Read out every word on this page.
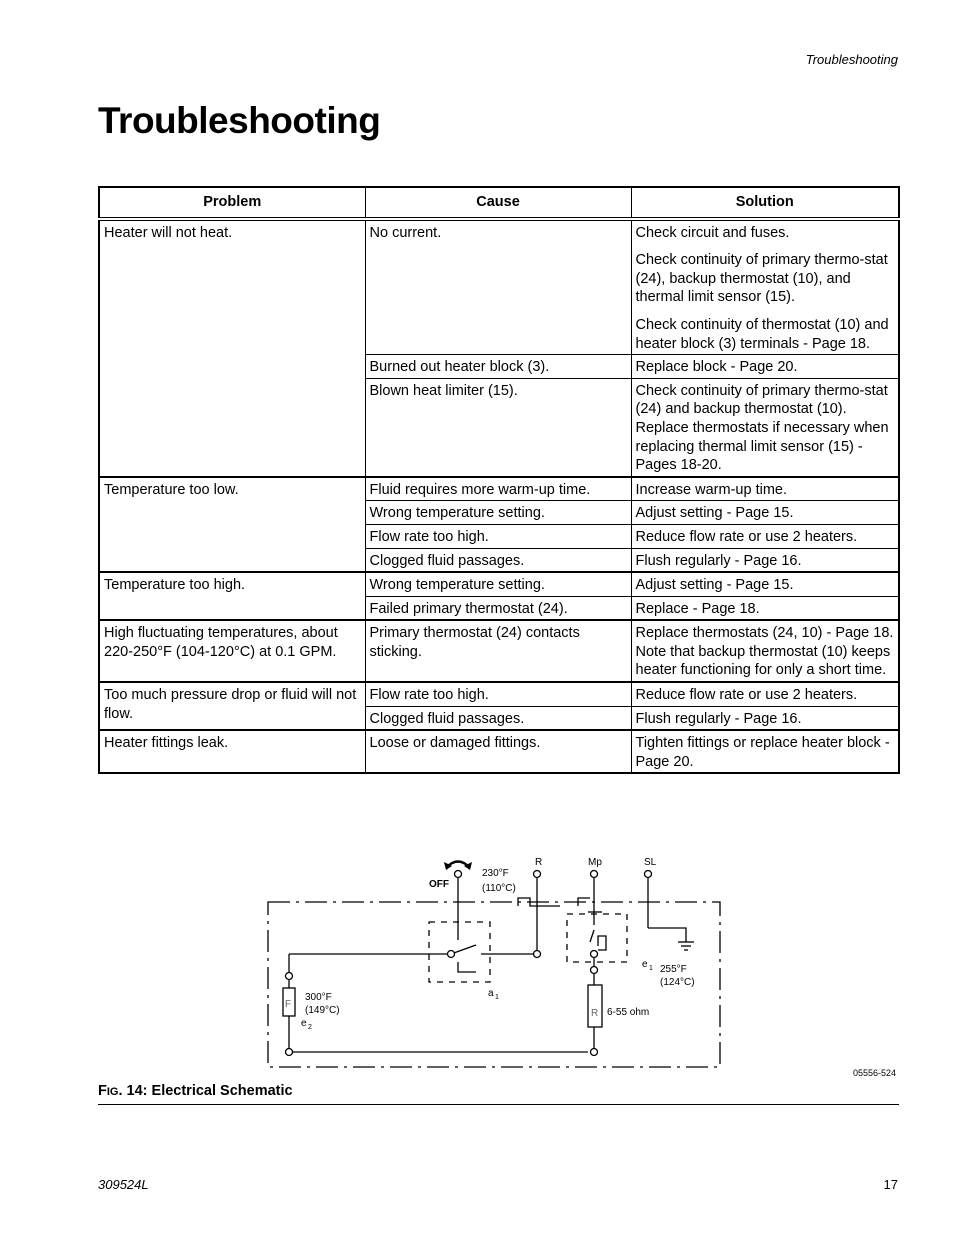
Troubleshooting
Troubleshooting
Problem	Cause	Solution
Heater will not heat.	No current.	Check circuit and fuses.

Check continuity of primary thermo-stat (24), backup thermostat (10), and thermal limit sensor (15).

Check continuity of thermostat (10) and heater block (3) terminals - Page 18.

	Burned out heater block (3).	Replace block - Page 20.
	Blown heat limiter (15).	Check continuity of primary thermo-stat (24) and backup thermostat (10). Replace thermostats if necessary when replacing thermal limit sensor (15) - Pages 18-20.
Temperature too low.	Fluid requires more warm-up time.	Increase warm-up time.
	Wrong temperature setting.	Adjust setting - Page 15.
	Flow rate too high.	Reduce flow rate or use 2 heaters.
	Clogged fluid passages.	Flush regularly - Page 16.
Temperature too high.	Wrong temperature setting.	Adjust setting - Page 15.
	Failed primary thermostat (24).	Replace - Page 18.
High fluctuating temperatures, about 220-250°F (104-120°C) at 0.1 GPM.	Primary thermostat (24) contacts sticking.	Replace thermostats (24, 10) - Page 18. Note that backup thermostat (10) keeps heater functioning for only a short time.
Too much pressure drop or fluid will not flow.	Flow rate too high.	Reduce flow rate or use 2 heaters.
	Clogged fluid passages.	Flush regularly - Page 16.
Heater fittings leak.	Loose or damaged fittings.	Tighten fittings or replace heater block - Page 20.
OFF
230°F
(110°C)
R	Mp	SL
300°F
(149°C)
F
e 2
a 1
e 1 255°F
(124°C)
R 6-55 ohm
05556-524
FIG. 14: Electrical Schematic
309524L	17
